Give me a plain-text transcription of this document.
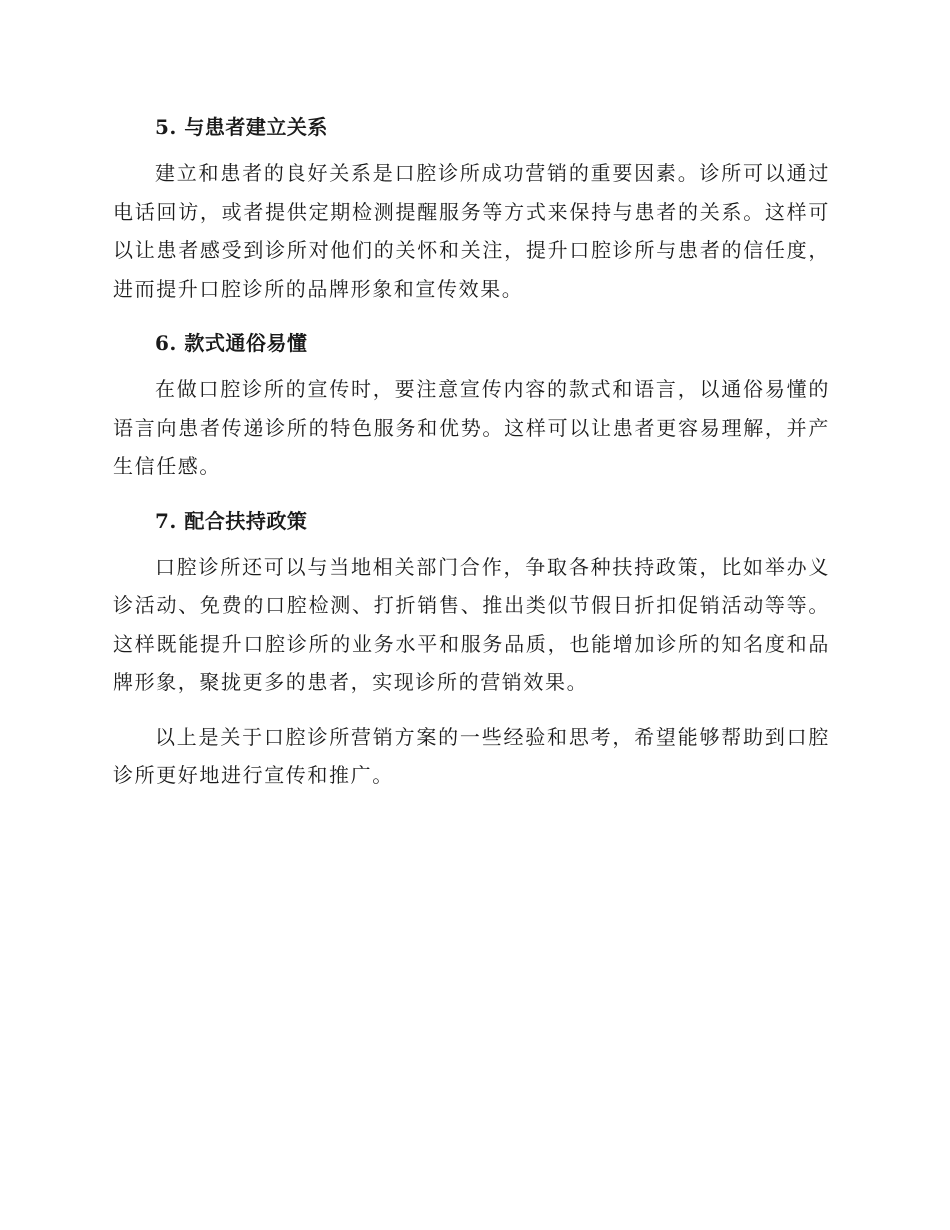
5. 与患者建立关系

建立和患者的良好关系是口腔诊所成功营销的重要因素。诊所可以通过电话回访，或者提供定期检测提醒服务等方式来保持与患者的关系。这样可以让患者感受到诊所对他们的关怀和关注，提升口腔诊所与患者的信任度，进而提升口腔诊所的品牌形象和宣传效果。

6. 款式通俗易懂

在做口腔诊所的宣传时，要注意宣传内容的款式和语言，以通俗易懂的语言向患者传递诊所的特色服务和优势。这样可以让患者更容易理解，并产生信任感。

7. 配合扶持政策

口腔诊所还可以与当地相关部门合作，争取各种扶持政策，比如举办义诊活动、免费的口腔检测、打折销售、推出类似节假日折扣促销活动等等。这样既能提升口腔诊所的业务水平和服务品质，也能增加诊所的知名度和品牌形象，聚拢更多的患者，实现诊所的营销效果。

以上是关于口腔诊所营销方案的一些经验和思考，希望能够帮助到口腔诊所更好地进行宣传和推广。
